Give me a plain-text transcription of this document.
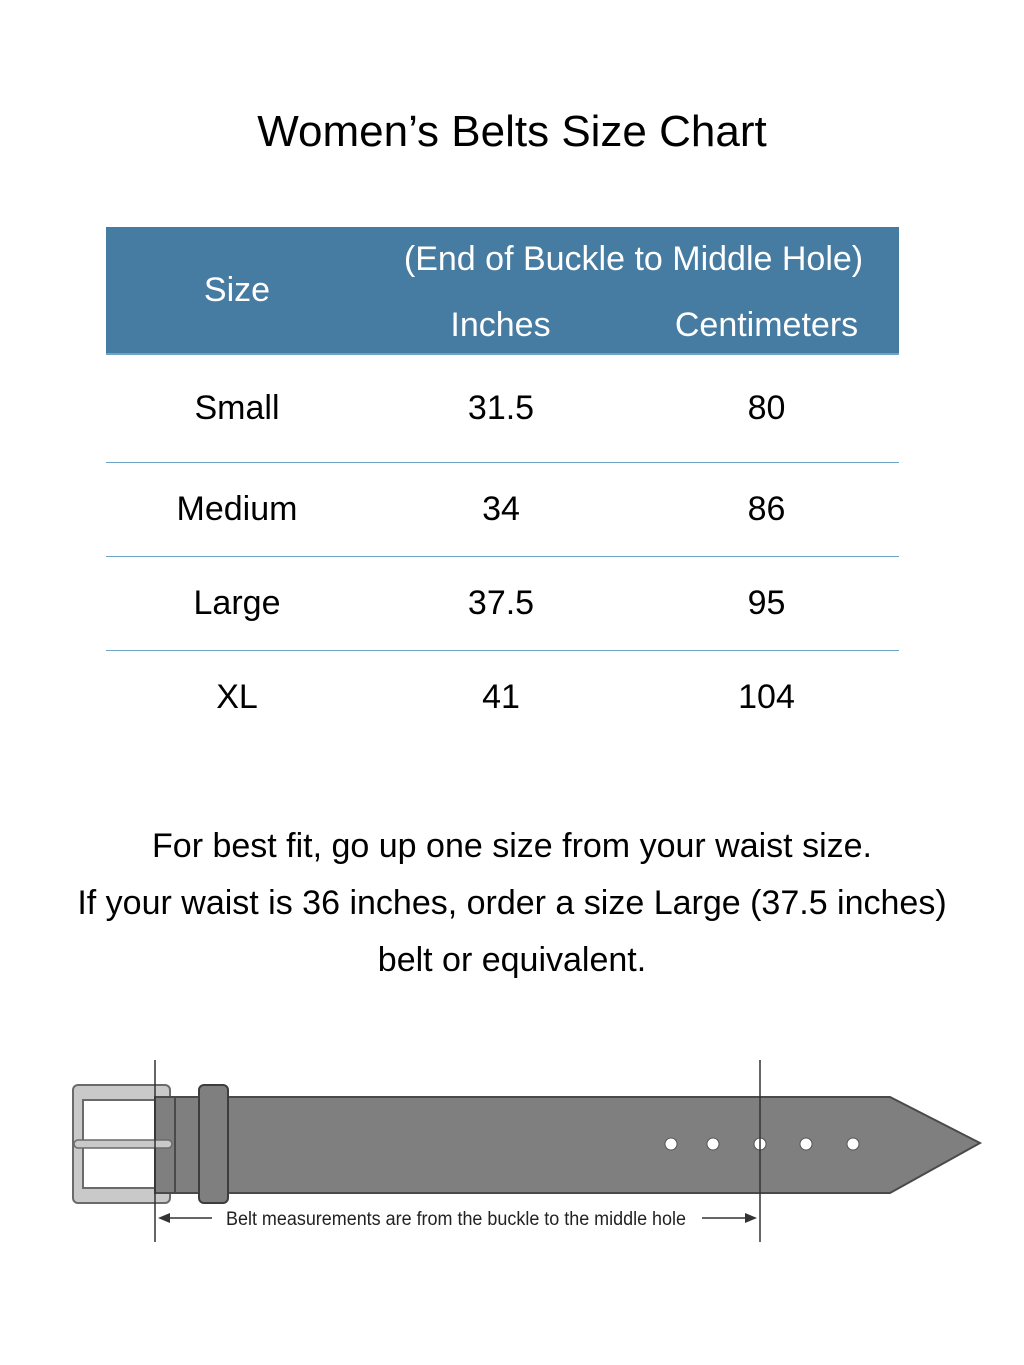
Women’s Belts Size Chart
Size
(End of Buckle to Middle Hole)
Inches	Centimeters
Small	31.5	80
Medium	34	86
Large	37.5	95
XL	41	104

For best fit, go up one size from your waist size.

If your waist is 36 inches, order a size Large (37.5 inches)

belt or equivalent.

Belt measurements are from the buckle to the middle hole
